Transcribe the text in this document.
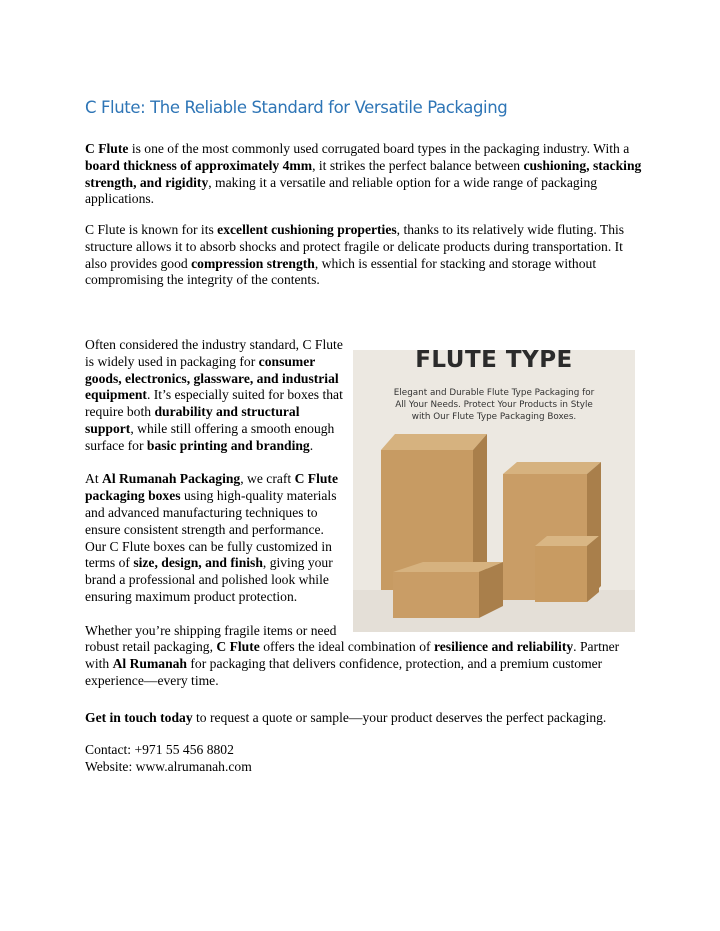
C Flute: The Reliable Standard for Versatile Packaging

C Flute is one of the most commonly used corrugated board types in the packaging industry. With a board thickness of approximately 4mm, it strikes the perfect balance between cushioning, stacking strength, and rigidity, making it a versatile and reliable option for a wide range of packaging applications.

C Flute is known for its excellent cushioning properties, thanks to its relatively wide fluting. This structure allows it to absorb shocks and protect fragile or delicate products during transportation. It also provides good compression strength, which is essential for stacking and storage without compromising the integrity of the contents.

FLUTE TYPE
Elegant and Durable Flute Type Packaging for
All Your Needs. Protect Your Products in Style
with Our Flute Type Packaging Boxes.

Often considered the industry standard, C Flute is widely used in packaging for consumer goods, electronics, glassware, and industrial equipment. It’s especially suited for boxes that require both durability and structural support, while still offering a smooth enough surface for basic printing and branding.

At Al Rumanah Packaging, we craft C Flute packaging boxes using high-quality materials and advanced manufacturing techniques to ensure consistent strength and performance. Our C Flute boxes can be fully customized in terms of size, design, and finish, giving your brand a professional and polished look while ensuring maximum product protection.

Whether you’re shipping fragile items or need robust retail packaging, C Flute offers the ideal combination of resilience and reliability. Partner with Al Rumanah for packaging that delivers confidence, protection, and a premium customer experience—every time.

Get in touch today to request a quote or sample—your product deserves the perfect packaging.

Contact: +971 55 456 8802

Website: www.alrumanah.com
